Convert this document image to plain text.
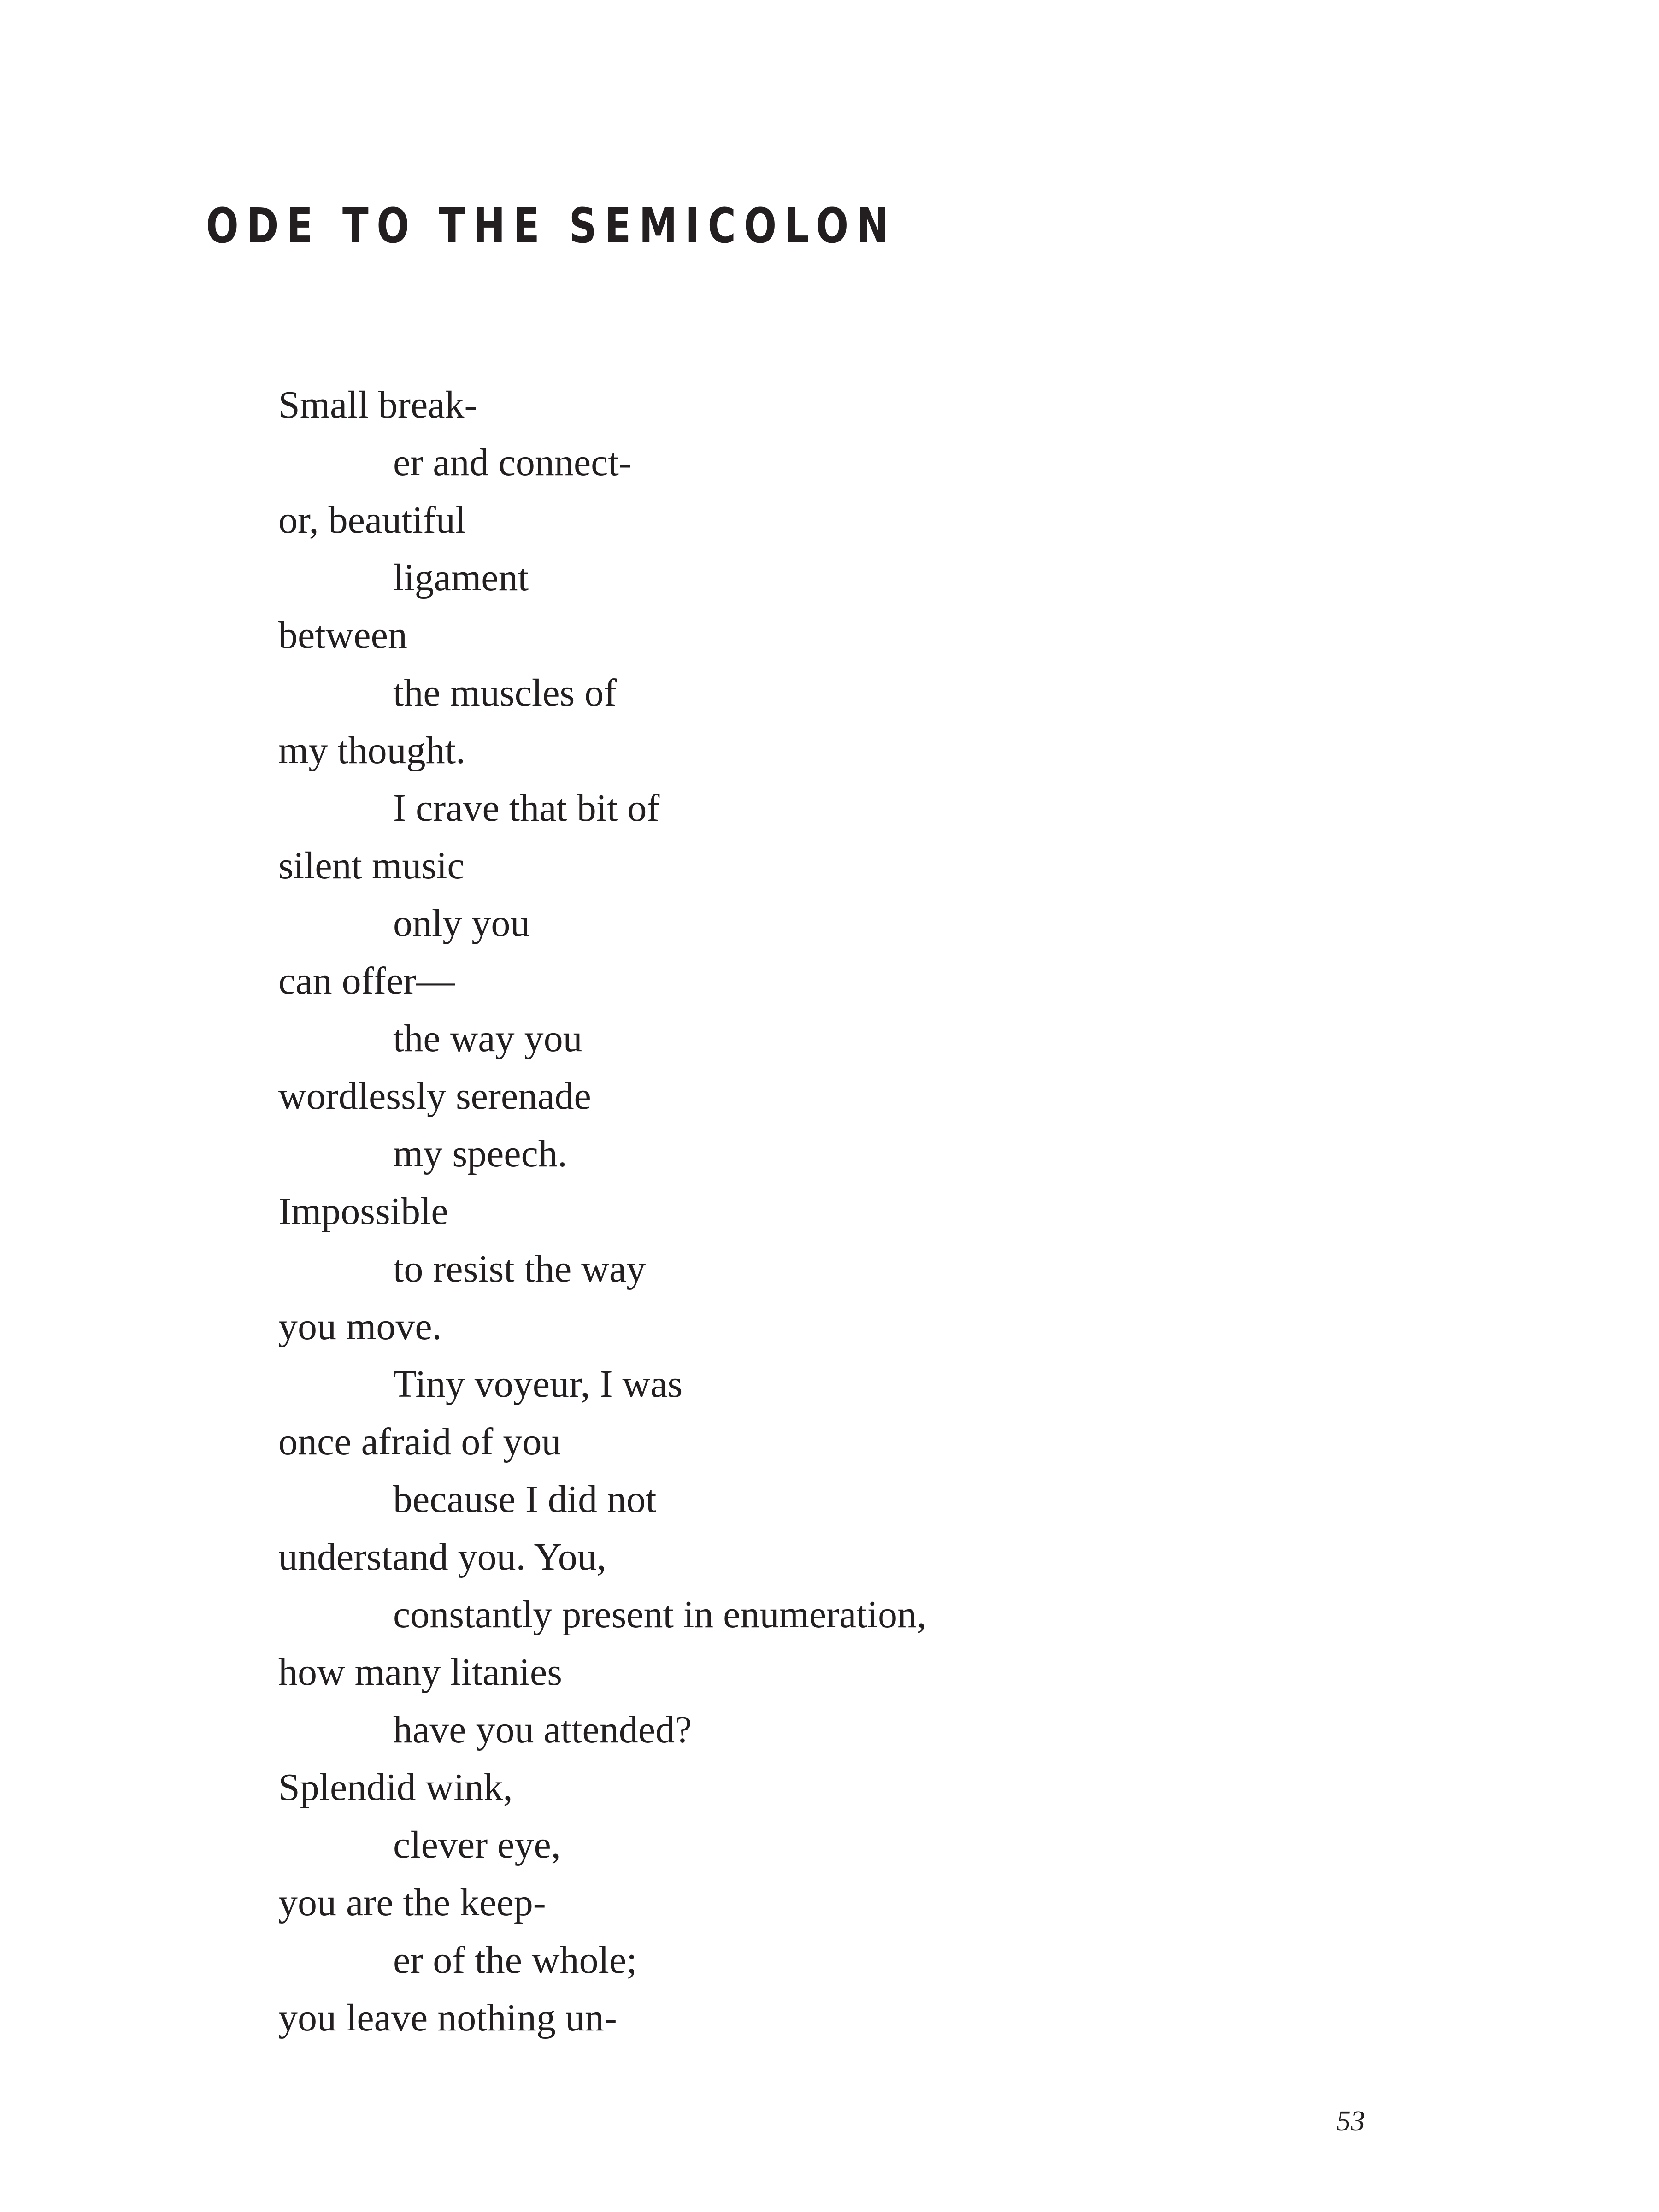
ODE TO THE SEMICOLON

Small break-

er and connect-

or, beautiful

ligament

between

the muscles of

my thought.

I crave that bit of

silent music

only you

can offer—

the way you

wordlessly serenade

my speech.

Impossible

to resist the way

you move.

Tiny voyeur, I was

once afraid of you

because I did not

understand you. You,

constantly present in enumeration,

how many litanies

have you attended?

Splendid wink,

clever eye,

you are the keep-

er of the whole;

you leave nothing un-

53
